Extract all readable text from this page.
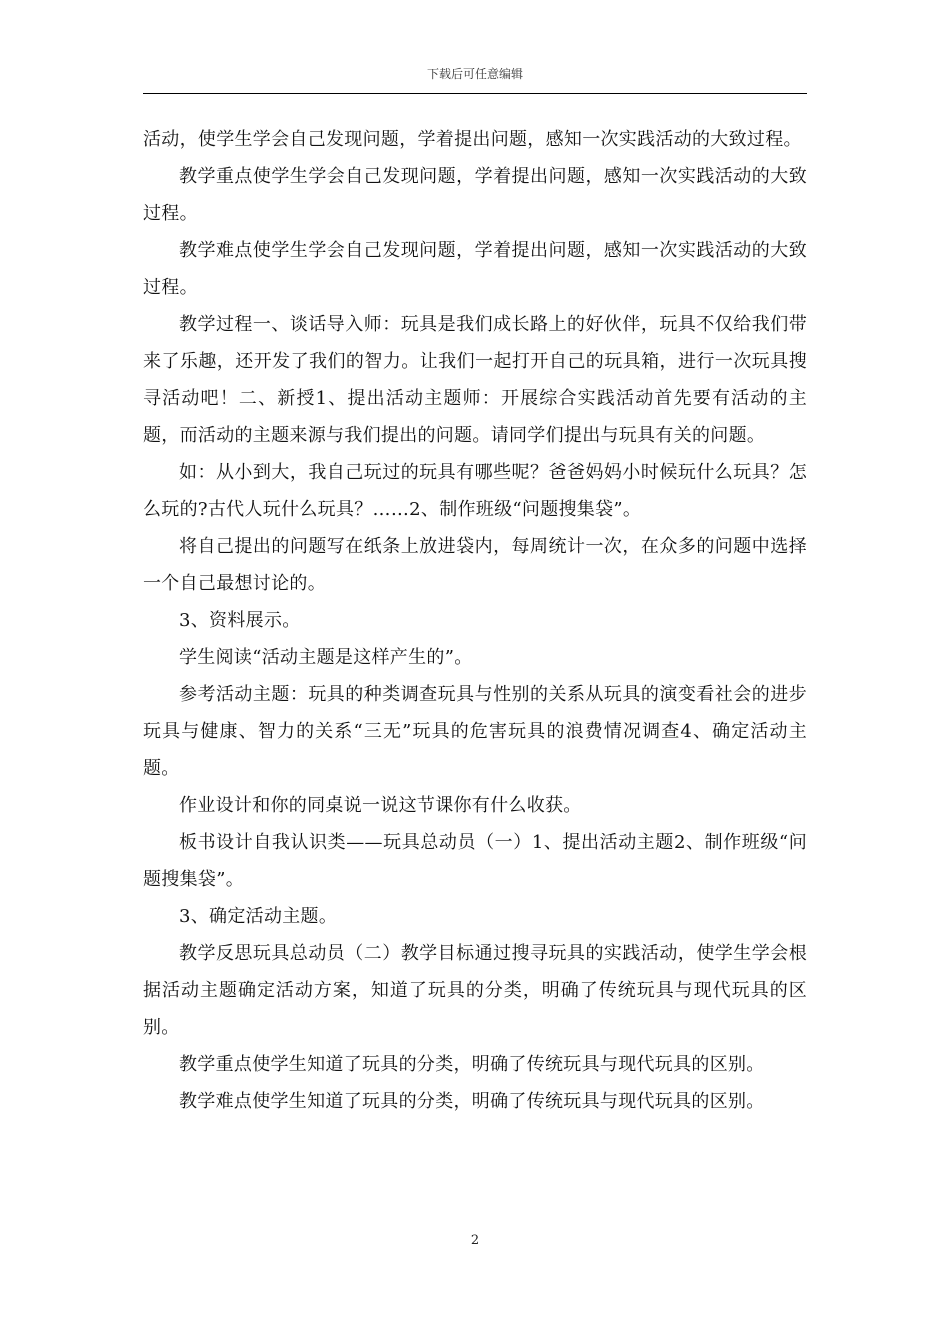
下载后可任意编辑

活动，使学生学会自己发现问题，学着提出问题，感知一次实践活动的大致过程。

教学重点使学生学会自己发现问题，学着提出问题，感知一次实践活动的大致过程。

教学难点使学生学会自己发现问题，学着提出问题，感知一次实践活动的大致过程。

教学过程一、谈话导入师：玩具是我们成长路上的好伙伴，玩具不仅给我们带来了乐趣，还开发了我们的智力。让我们一起打开自己的玩具箱，进行一次玩具搜寻活动吧！二、新授1、提出活动主题师：开展综合实践活动首先要有活动的主题，而活动的主题来源与我们提出的问题。请同学们提出与玩具有关的问题。

如：从小到大，我自己玩过的玩具有哪些呢？爸爸妈妈小时候玩什么玩具？怎么玩的?古代人玩什么玩具？……2、制作班级“问题搜集袋”。

将自己提出的问题写在纸条上放进袋内，每周统计一次，在众多的问题中选择一个自己最想讨论的。

3、资料展示。

学生阅读“活动主题是这样产生的”。

参考活动主题：玩具的种类调查玩具与性别的关系从玩具的演变看社会的进步玩具与健康、智力的关系“三无”玩具的危害玩具的浪费情况调查4、确定活动主题。

作业设计和你的同桌说一说这节课你有什么收获。

板书设计自我认识类——玩具总动员（一）1、提出活动主题2、制作班级“问题搜集袋”。

3、确定活动主题。

教学反思玩具总动员（二）教学目标通过搜寻玩具的实践活动，使学生学会根据活动主题确定活动方案，知道了玩具的分类，明确了传统玩具与现代玩具的区别。

教学重点使学生知道了玩具的分类，明确了传统玩具与现代玩具的区别。

教学难点使学生知道了玩具的分类，明确了传统玩具与现代玩具的区别。

2
